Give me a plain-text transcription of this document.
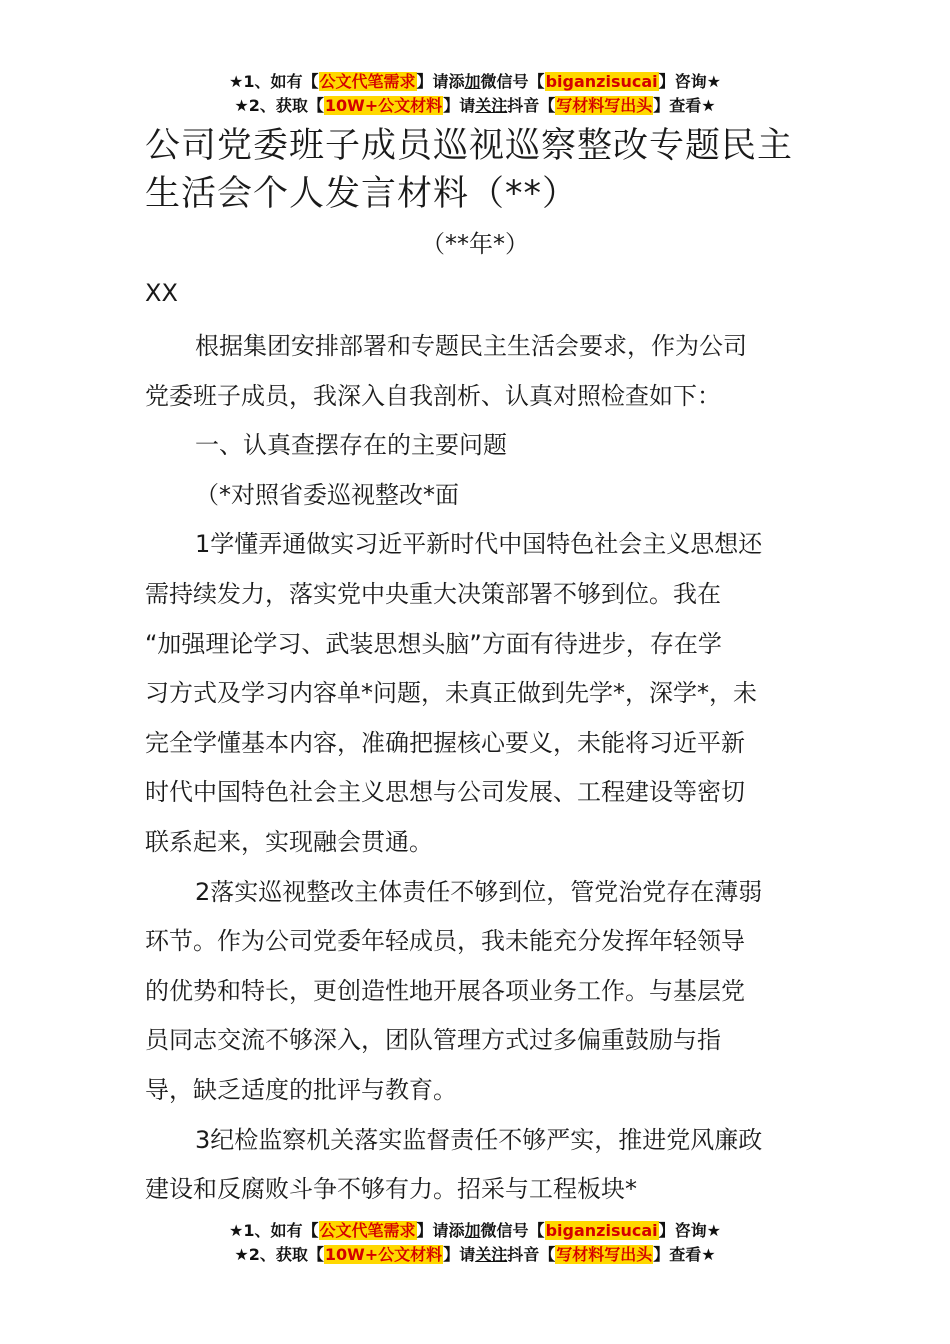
★1、如有【公文代笔需求】请添加微信号【biganzisucai】咨询★
★2、获取【10W+公文材料】请关注抖音【写材料写出头】查看★
公司党委班子成员巡视巡察整改专题民主
生活会个人发言材料（**）
（**年*）
XX
根据集团安排部署和专题民主生活会要求，作为公司
党委班子成员，我深入自我剖析、认真对照检查如下：
一、认真查摆存在的主要问题
（*对照省委巡视整改*面
1学懂弄通做实习近平新时代中国特色社会主义思想还
需持续发力，落实党中央重大决策部署不够到位。我在
“加强理论学习、武装思想头脑”方面有待进步，存在学
习方式及学习内容单*问题，未真正做到先学*，深学*，未
完全学懂基本内容，准确把握核心要义，未能将习近平新
时代中国特色社会主义思想与公司发展、工程建设等密切
联系起来，实现融会贯通。
2落实巡视整改主体责任不够到位，管党治党存在薄弱
环节。作为公司党委年轻成员，我未能充分发挥年轻领导
的优势和特长，更创造性地开展各项业务工作。与基层党
员同志交流不够深入，团队管理方式过多偏重鼓励与指
导，缺乏适度的批评与教育。
3纪检监察机关落实监督责任不够严实，推进党风廉政
建设和反腐败斗争不够有力。招采与工程板块*
★1、如有【公文代笔需求】请添加微信号【biganzisucai】咨询★
★2、获取【10W+公文材料】请关注抖音【写材料写出头】查看★
